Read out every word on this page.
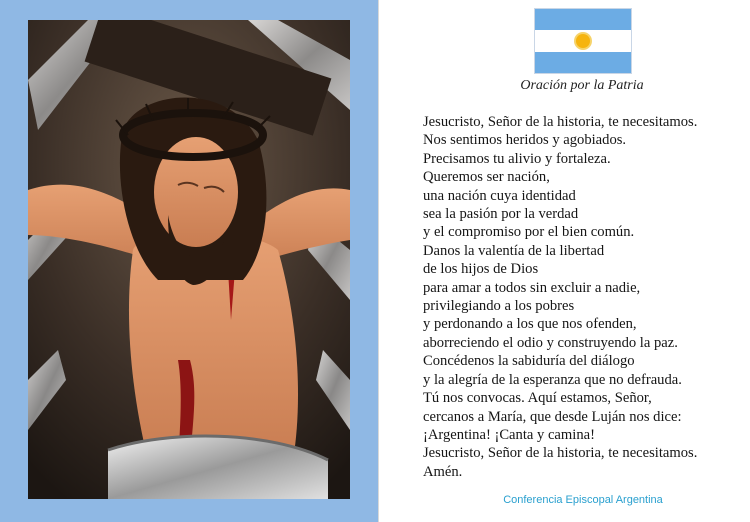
Oración por la Patria
Jesucristo, Señor de la historia, te necesitamos.
Nos sentimos heridos y agobiados.
Precisamos tu alivio y fortaleza.
Queremos ser nación,
una nación cuya identidad
sea la pasión por la verdad
y el compromiso por el bien común.
Danos la valentía de la libertad
de los hijos de Dios
para amar a todos sin excluir a nadie,
privilegiando a los pobres
y perdonando a los que nos ofenden,
aborreciendo el odio y construyendo la paz.
Concédenos la sabiduría del diálogo
y la alegría de la esperanza que no defrauda.
Tú nos convocas. Aquí estamos, Señor,
cercanos a María, que desde Luján nos dice:
¡Argentina! ¡Canta y camina!
Jesucristo, Señor de la historia, te necesitamos.
Amén.
Conferencia Episcopal Argentina
